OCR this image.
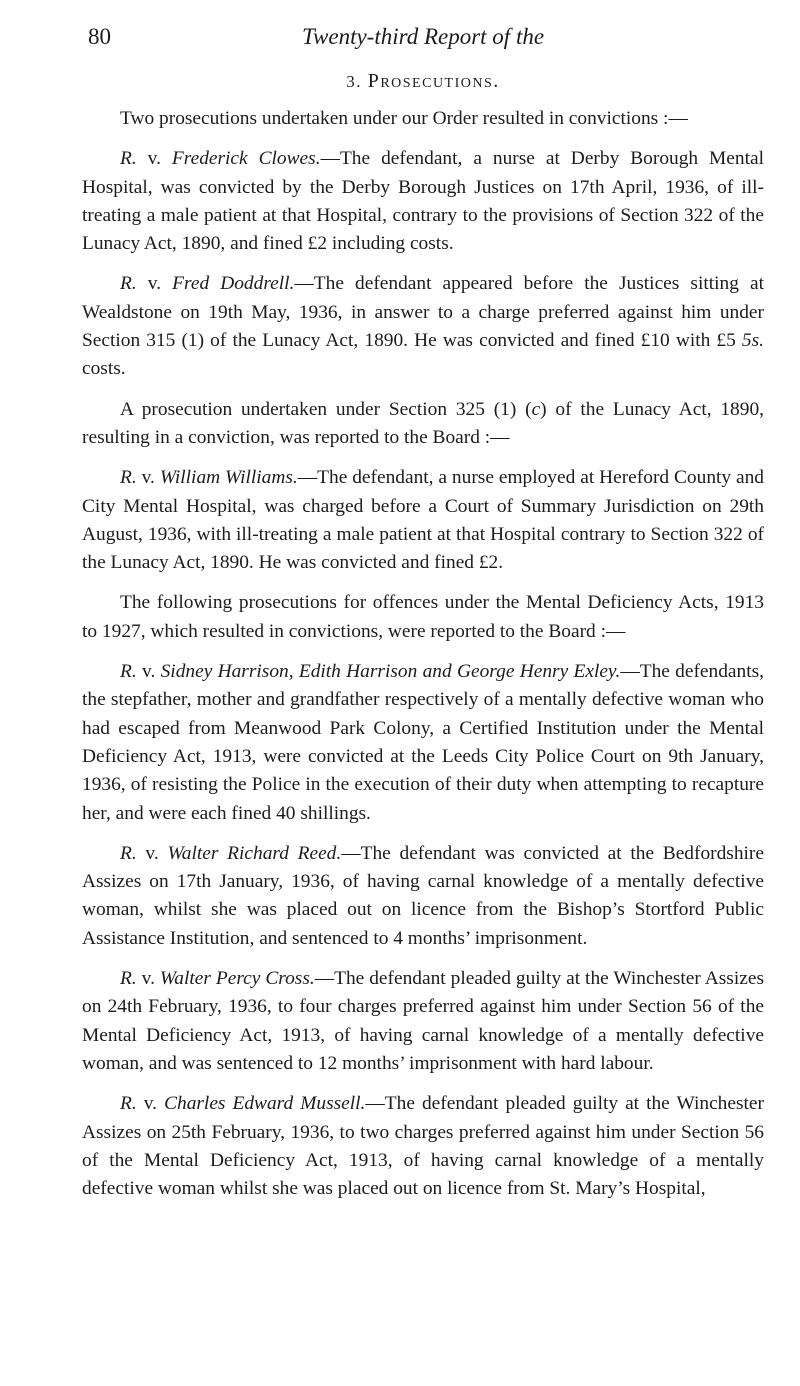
80	Twenty-third Report of the
3. Prosecutions.

Two prosecutions undertaken under our Order resulted in convictions :—

R. v. Frederick Clowes.—The defendant, a nurse at Derby Borough Mental Hospital, was convicted by the Derby Borough Justices on 17th April, 1936, of ill-treating a male patient at that Hospital, contrary to the provisions of Section 322 of the Lunacy Act, 1890, and fined £2 including costs.

R. v. Fred Doddrell.—The defendant appeared before the Justices sitting at Wealdstone on 19th May, 1936, in answer to a charge preferred against him under Section 315 (1) of the Lunacy Act, 1890. He was convicted and fined £10 with £5 5s. costs.

A prosecution undertaken under Section 325 (1) (c) of the Lunacy Act, 1890, resulting in a conviction, was reported to the Board :—

R. v. William Williams.—The defendant, a nurse employed at Hereford County and City Mental Hospital, was charged before a Court of Summary Jurisdiction on 29th August, 1936, with ill-treating a male patient at that Hospital contrary to Section 322 of the Lunacy Act, 1890. He was convicted and fined £2.

The following prosecutions for offences under the Mental Deficiency Acts, 1913 to 1927, which resulted in convictions, were reported to the Board :—

R. v. Sidney Harrison, Edith Harrison and George Henry Exley.—The defendants, the stepfather, mother and grandfather respectively of a mentally defective woman who had escaped from Meanwood Park Colony, a Certified Institution under the Mental Deficiency Act, 1913, were convicted at the Leeds City Police Court on 9th January, 1936, of resisting the Police in the execution of their duty when attempting to recapture her, and were each fined 40 shillings.

R. v. Walter Richard Reed.—The defendant was convicted at the Bedfordshire Assizes on 17th January, 1936, of having carnal knowledge of a mentally defective woman, whilst she was placed out on licence from the Bishop’s Stortford Public Assistance Institution, and sentenced to 4 months’ imprisonment.

R. v. Walter Percy Cross.—The defendant pleaded guilty at the Winchester Assizes on 24th February, 1936, to four charges preferred against him under Section 56 of the Mental Deficiency Act, 1913, of having carnal knowledge of a mentally defective woman, and was sentenced to 12 months’ imprisonment with hard labour.

R. v. Charles Edward Mussell.—The defendant pleaded guilty at the Winchester Assizes on 25th February, 1936, to two charges preferred against him under Section 56 of the Mental Deficiency Act, 1913, of having carnal knowledge of a mentally defective woman whilst she was placed out on licence from St. Mary’s Hospital,
